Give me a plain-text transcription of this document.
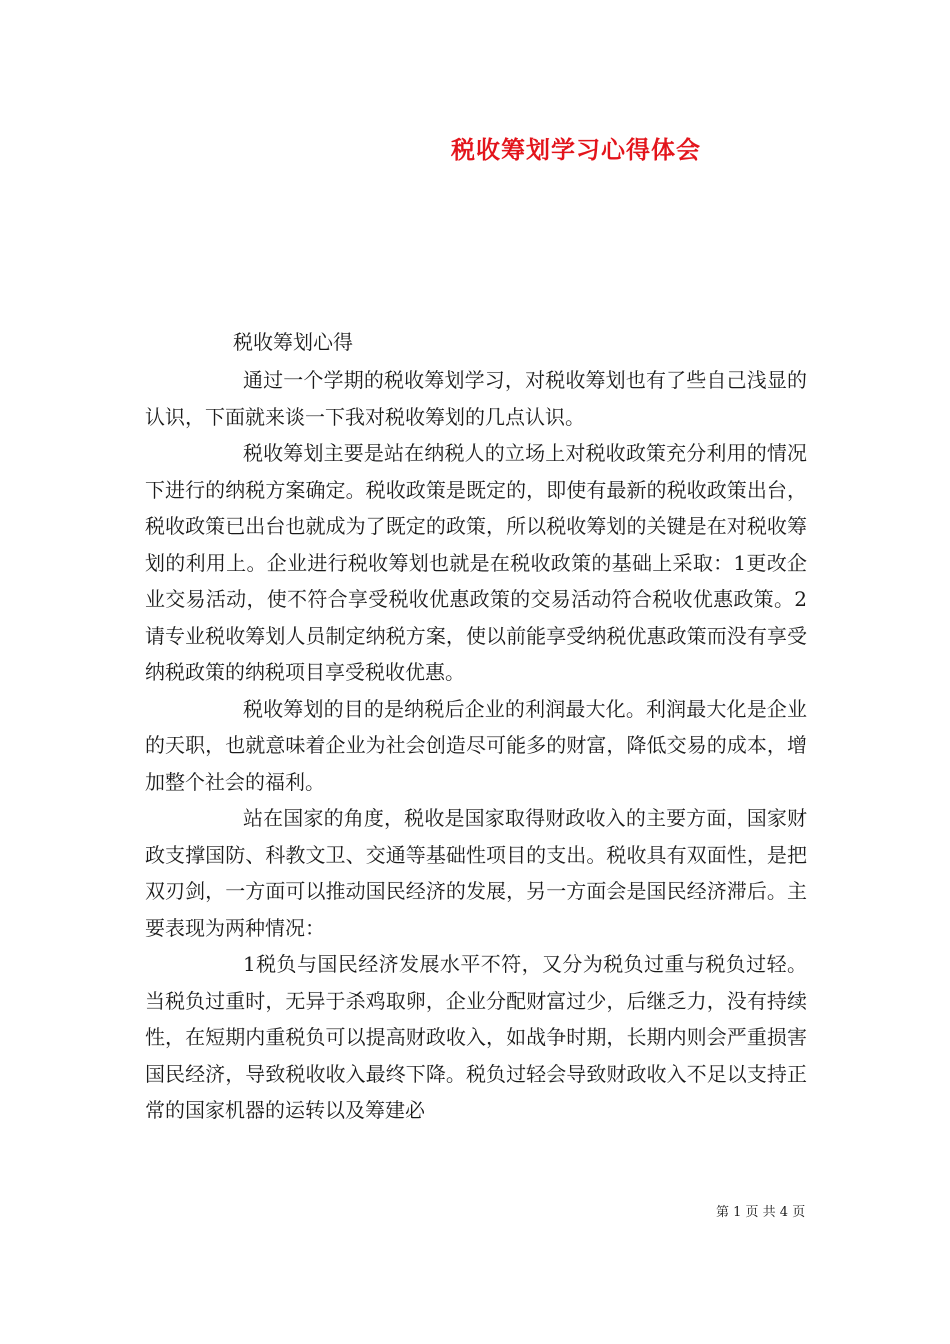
税收筹划学习心得体会
税收筹划心得

通过一个学期的税收筹划学习，对税收筹划也有了些自己浅显的认识，下面就来谈一下我对税收筹划的几点认识。

税收筹划主要是站在纳税人的立场上对税收政策充分利用的情况下进行的纳税方案确定。税收政策是既定的，即使有最新的税收政策出台，税收政策已出台也就成为了既定的政策，所以税收筹划的关键是在对税收筹划的利用上。企业进行税收筹划也就是在税收政策的基础上采取：1更改企业交易活动，使不符合享受税收优惠政策的交易活动符合税收优惠政策。2请专业税收筹划人员制定纳税方案，使以前能享受纳税优惠政策而没有享受纳税政策的纳税项目享受税收优惠。

税收筹划的目的是纳税后企业的利润最大化。利润最大化是企业的天职，也就意味着企业为社会创造尽可能多的财富，降低交易的成本，增加整个社会的福利。

站在国家的角度，税收是国家取得财政收入的主要方面，国家财政支撑国防、科教文卫、交通等基础性项目的支出。税收具有双面性，是把双刃剑，一方面可以推动国民经济的发展，另一方面会是国民经济滞后。主要表现为两种情况：

1税负与国民经济发展水平不符，又分为税负过重与税负过轻。当税负过重时，无异于杀鸡取卵，企业分配财富过少，后继乏力，没有持续性，在短期内重税负可以提高财政收入，如战争时期，长期内则会严重损害国民经济，导致税收收入最终下降。税负过轻会导致财政收入不足以支持正常的国家机器的运转以及筹建必

第 1 页 共 4 页
